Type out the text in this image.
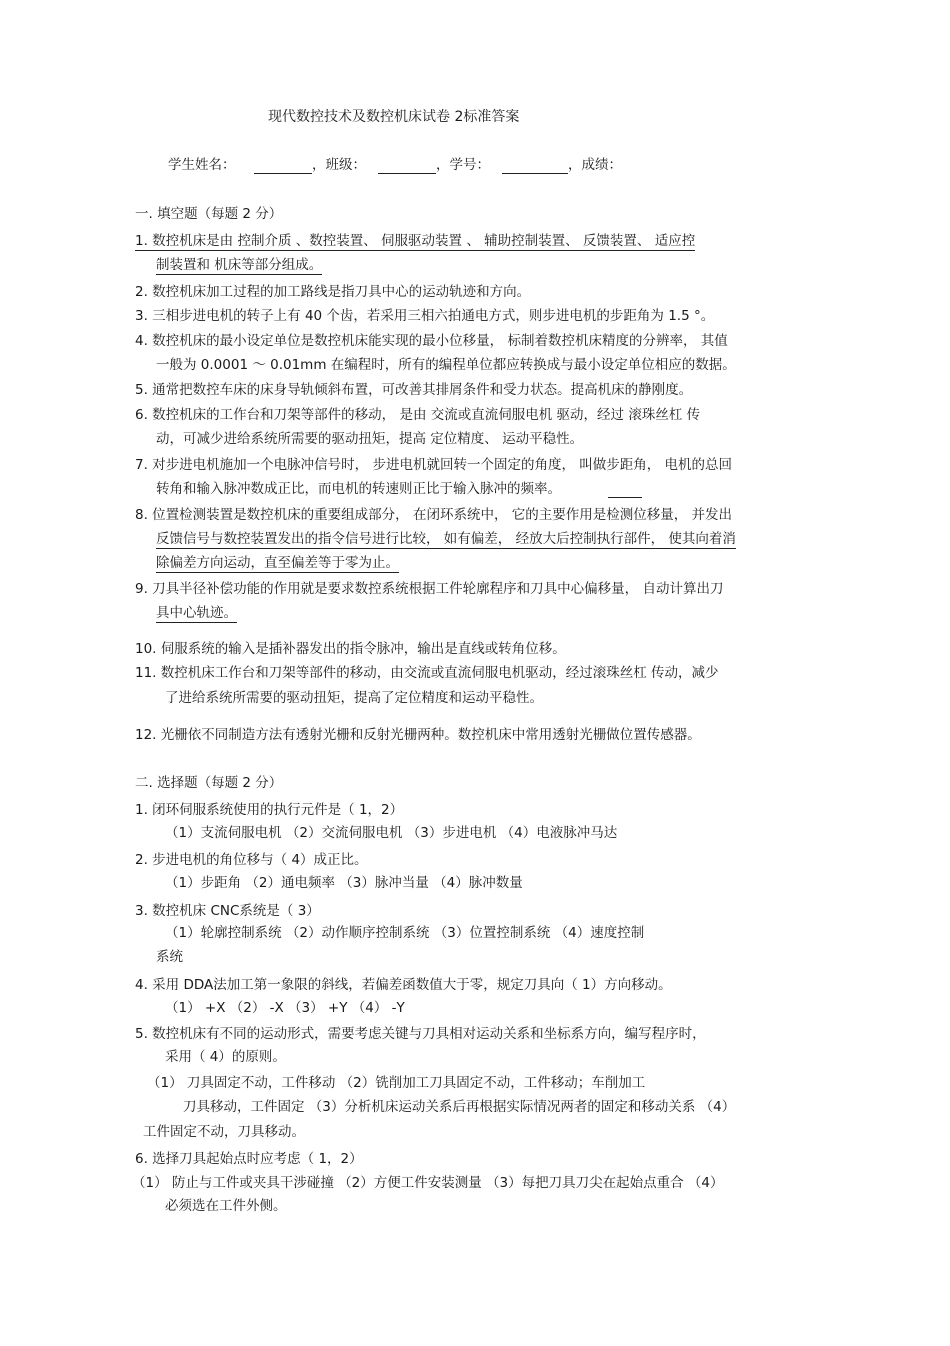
现代数控技术及数控机床试卷 2标准答案
学生姓名：	，班级：	，学号：	，成绩：
一. 填空题（每题 2 分）
1. 数控机床是由 控制介质 、数控装置、 伺服驱动装置 、 辅助控制装置、 反馈装置、 适应控
制装置和 机床等部分组成。
2. 数控机床加工过程的加工路线是指刀具中心的运动轨迹和方向。
3. 三相步进电机的转子上有 40 个齿，若采用三相六拍通电方式，则步进电机的步距角为 1.5 °。
4. 数控机床的最小设定单位是数控机床能实现的最小位移量， 标制着数控机床精度的分辨率， 其值
一般为 0.0001 ～ 0.01mm 在编程时，所有的编程单位都应转换成与最小设定单位相应的数据。
5. 通常把数控车床的床身导轨倾斜布置，可改善其排屑条件和受力状态。提高机床的静刚度。
6. 数控机床的工作台和刀架等部件的移动， 是由 交流或直流伺服电机 驱动，经过 滚珠丝杠 传
动，可减少进给系统所需要的驱动扭矩，提高 定位精度、 运动平稳性。
7. 对步进电机施加一个电脉冲信号时， 步进电机就回转一个固定的角度， 叫做步距角， 电机的总回
转角和输入脉冲数成正比，而电机的转速则正比于输入脉冲的频率。
8. 位置检测装置是数控机床的重要组成部分， 在闭环系统中， 它的主要作用是检测位移量， 并发出
反馈信号与数控装置发出的指令信号进行比较， 如有偏差， 经放大后控制执行部件， 使其向着消
除偏差方向运动，直至偏差等于零为止。
9. 刀具半径补偿功能的作用就是要求数控系统根据工件轮廓程序和刀具中心偏移量， 自动计算出刀
具中心轨迹。
10. 伺服系统的输入是插补器发出的指令脉冲，输出是直线或转角位移。
11. 数控机床工作台和刀架等部件的移动，由交流或直流伺服电机驱动，经过滚珠丝杠 传动，减少
了进给系统所需要的驱动扭矩，提高了定位精度和运动平稳性。
12. 光栅依不同制造方法有透射光栅和反射光栅两种。数控机床中常用透射光栅做位置传感器。
二. 选择题（每题 2 分）
1. 闭环伺服系统使用的执行元件是（ 1，2）
（1）支流伺服电机 （2）交流伺服电机 （3）步进电机 （4）电液脉冲马达
2. 步进电机的角位移与（ 4）成正比。
（1）步距角 （2）通电频率 （3）脉冲当量 （4）脉冲数量
3. 数控机床 CNC系统是（ 3）
（1）轮廓控制系统 （2）动作顺序控制系统 （3）位置控制系统 （4）速度控制
系统
4. 采用 DDA法加工第一象限的斜线，若偏差函数值大于零，规定刀具向（ 1）方向移动。
（1） +X （2） -X （3） +Y （4） -Y
5. 数控机床有不同的运动形式，需要考虑关键与刀具相对运动关系和坐标系方向，编写程序时，
采用（ 4）的原则。
（1） 刀具固定不动，工件移动 （2）铣削加工刀具固定不动，工件移动；车削加工
刀具移动，工件固定 （3）分析机床运动关系后再根据实际情况两者的固定和移动关系 （4）
工件固定不动，刀具移动。
6. 选择刀具起始点时应考虑（ 1，2）
（1） 防止与工件或夹具干涉碰撞 （2）方便工件安装测量 （3）每把刀具刀尖在起始点重合 （4）
必须选在工件外侧。
